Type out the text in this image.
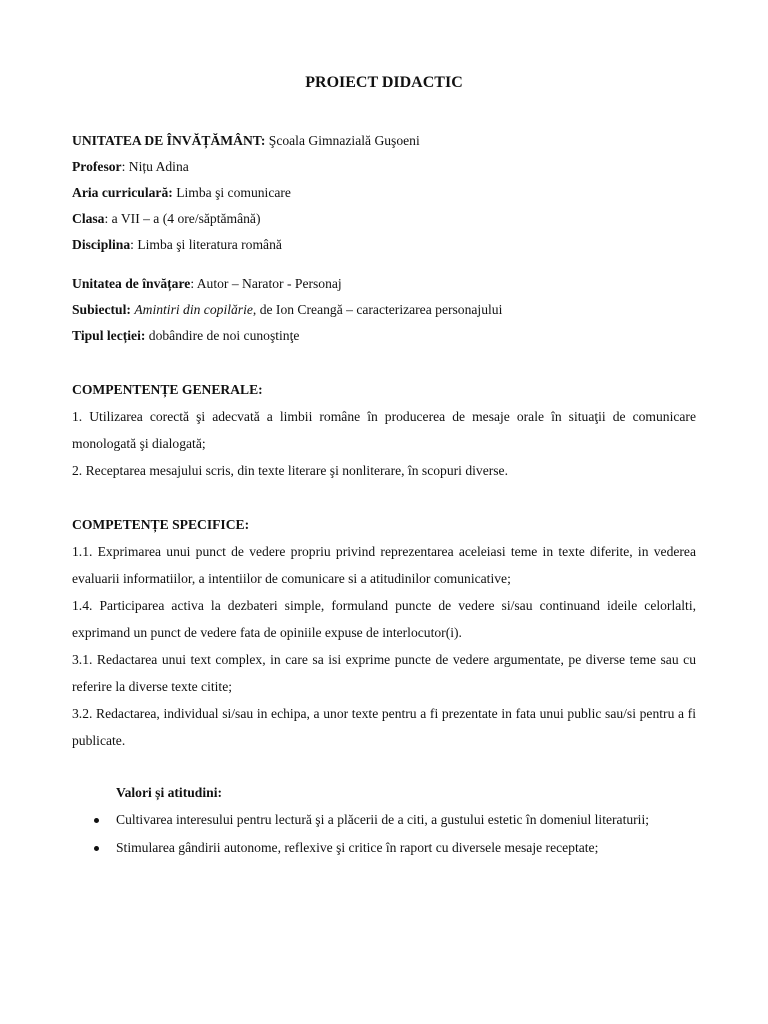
PROIECT DIDACTIC
UNITATEA DE ÎNVĂȚĂMÂNT: Şcoala Gimnazială Guşoeni
Profesor: Nițu Adina
Aria curriculară: Limba şi comunicare
Clasa: a VII – a (4 ore/săptămână)
Disciplina: Limba şi literatura română
Unitatea de învățare: Autor – Narator - Personaj
Subiectul: Amintiri din copilărie, de Ion Creangă – caracterizarea personajului
Tipul lecției: dobândire de noi cunoştinţe
COMPENTENȚE GENERALE:
1. Utilizarea corectă şi adecvată a limbii române în producerea de mesaje orale în situaţii de comunicare monologată şi dialogată;
2. Receptarea mesajului scris, din texte literare şi nonliterare, în scopuri diverse.
COMPETENȚE SPECIFICE:
1.1. Exprimarea unui punct de vedere propriu privind reprezentarea aceleiasi teme in texte diferite, in vederea evaluarii informatiilor, a intentiilor de comunicare si a atitudinilor comunicative;
1.4. Participarea activa la dezbateri simple, formuland puncte de vedere si/sau continuand ideile celorlalti, exprimand un punct de vedere fata de opiniile expuse de interlocutor(i).
3.1. Redactarea unui text complex, in care sa isi exprime puncte de vedere argumentate, pe diverse teme sau cu referire la diverse texte citite;
3.2. Redactarea, individual si/sau in echipa, a unor texte pentru a fi prezentate in fata unui public sau/si pentru a fi publicate.
Valori și atitudini:
Cultivarea interesului pentru lectură şi a plăcerii de a citi, a gustului estetic în domeniul literaturii;
Stimularea gândirii autonome, reflexive şi critice în raport cu diversele mesaje receptate;
